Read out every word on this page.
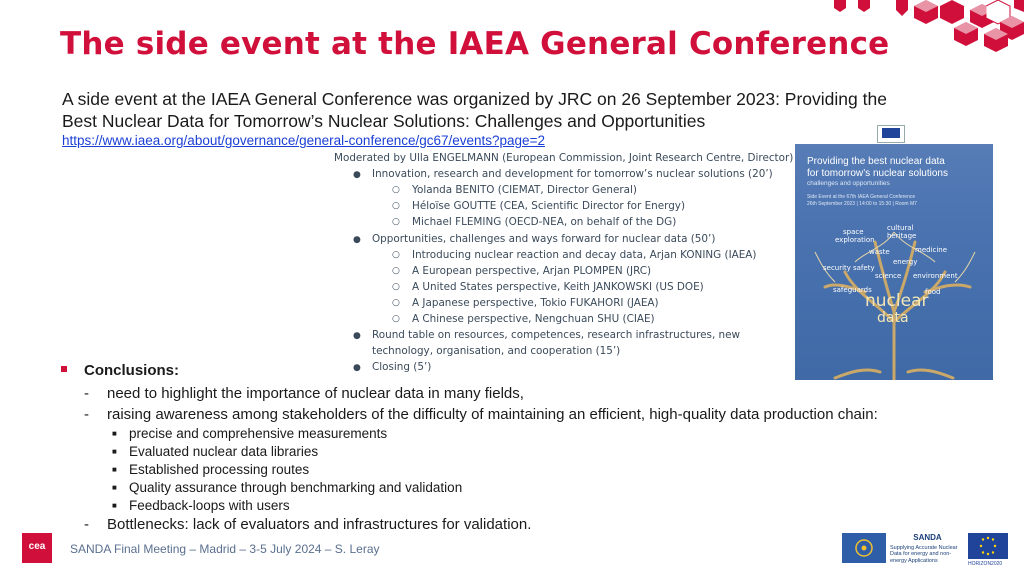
The side event at the IAEA General Conference
A side event at the IAEA General Conference was organized by JRC on 26 September 2023: Providing the
Best Nuclear Data for Tomorrow’s Nuclear Solutions: Challenges and Opportunities
https://www.iaea.org/about/governance/general-conference/gc67/events?page=2
Moderated by Ulla ENGELMANN (European Commission, Joint Research Centre, Director)
● Innovation, research and development for tomorrow’s nuclear solutions (20’)
○ Yolanda BENITO (CIEMAT, Director General)
○ Héloïse GOUTTE (CEA, Scientific Director for Energy)
○ Michael FLEMING (OECD-NEA, on behalf of the DG)
● Opportunities, challenges and ways forward for nuclear data (50’)
○ Introducing nuclear reaction and decay data, Arjan KONING (IAEA)
○ A European perspective, Arjan PLOMPEN (JRC)
○ A United States perspective, Keith JANKOWSKI (US DOE)
○ A Japanese perspective, Tokio FUKAHORI (JAEA)
○ A Chinese perspective, Nengchuan SHU (CIAE)
● Round table on resources, competences, research infrastructures, new
technology, organisation, and cooperation (15’)
● Closing (5’)
Providing the best nuclear data
for tomorrow’s nuclear solutions
challenges and opportunities
Side Event at the 67th IAEA General Conference
26th September 2023 | 14:00 to 15:30 | Room M7
space
exploration
cultural
heritage
waste	medicine
energy
security safety
science environment
safeguards	food
nuclear
data
Conclusions:
- need to highlight the importance of nuclear data in many fields,
- raising awareness among stakeholders of the difficulty of maintaining an efficient, high-quality data production chain:
■ precise and comprehensive measurements
■ Evaluated nuclear data libraries
■ Established processing routes
■ Quality assurance through benchmarking and validation
■ Feedback-loops with users
- Bottlenecks: lack of evaluators and infrastructures for validation.
cea	SANDA Final Meeting – Madrid – 3-5 July 2024 – S. Leray
SANDA
Supplying Accurate Nuclear Data for energy and non-energy Applications
HORIZON2020
